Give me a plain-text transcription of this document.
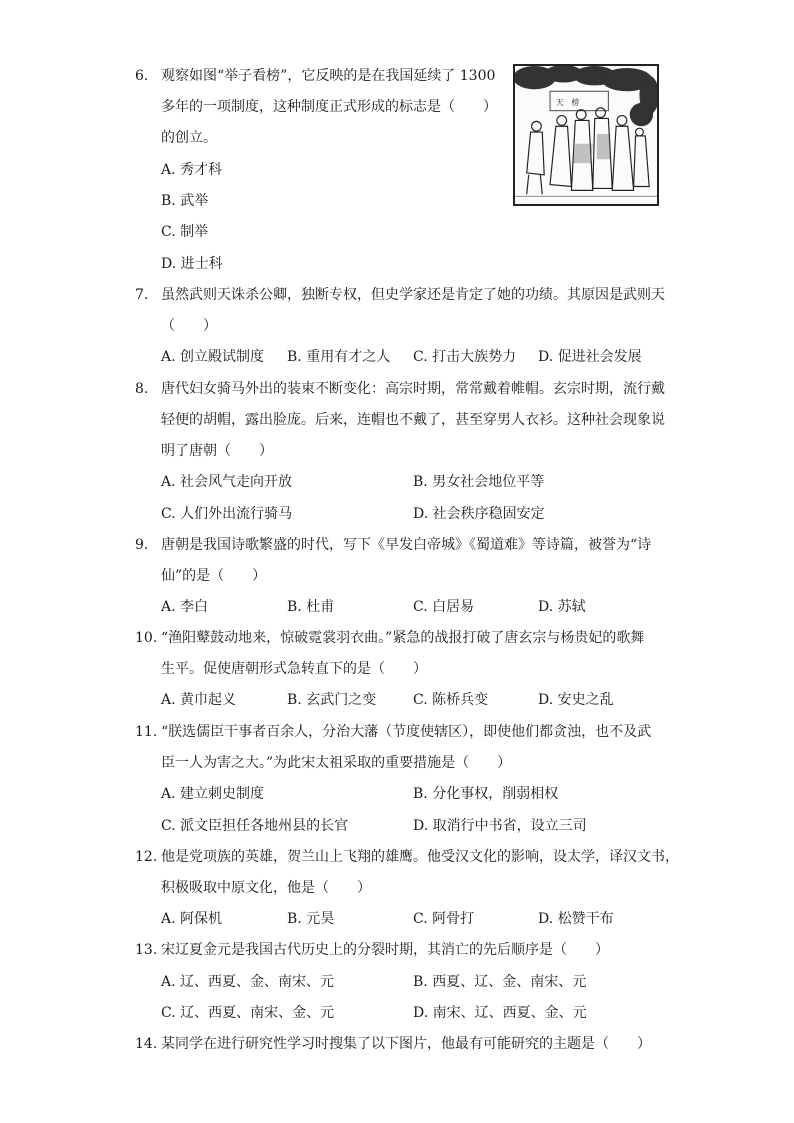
6. 观察如图“举子看榜”，它反映的是在我国延续了 1300
多年的一项制度，这种制度正式形成的标志是（　　）
的创立。
A. 秀才科
B. 武举
C. 制举
D. 进士科
天　榜
7. 虽然武则天诛杀公卿，独断专权，但史学家还是肯定了她的功绩。其原因是武则天
（　　）
A. 创立殿试制度 B. 重用有才之人 C. 打击大族势力 D. 促进社会发展
8. 唐代妇女骑马外出的装束不断变化：高宗时期，常常戴着帷帽。玄宗时期，流行戴
轻便的胡帽，露出脸庞。后来，连帽也不戴了，甚至穿男人衣衫。这种社会现象说
明了唐朝（　　）
A. 社会风气走向开放	B. 男女社会地位平等
C. 人们外出流行骑马	D. 社会秩序稳固安定
9. 唐朝是我国诗歌繁盛的时代，写下《早发白帝城》《蜀道难》等诗篇，被誉为“诗
仙”的是（　　）
A. 李白	B. 杜甫	C. 白居易	D. 苏轼
10. “渔阳鼙鼓动地来，惊破霓裳羽衣曲。”紧急的战报打破了唐玄宗与杨贵妃的歌舞
生平。促使唐朝形式急转直下的是（　　）
A. 黄巾起义	B. 玄武门之变	C. 陈桥兵变	D. 安史之乱
11. “朕选儒臣干事者百余人，分治大藩（节度使辖区），即使他们都贪浊，也不及武
臣一人为害之大。”为此宋太祖采取的重要措施是（　　）
A. 建立刺史制度	B. 分化事权，削弱相权
C. 派文臣担任各地州县的长官	D. 取消行中书省，设立三司
12. 他是党项族的英雄，贺兰山上飞翔的雄鹰。他受汉文化的影响，设太学，译汉文书，
积极吸取中原文化，他是（　　）
A. 阿保机	B. 元昊	C. 阿骨打	D. 松赞干布
13. 宋辽夏金元是我国古代历史上的分裂时期，其消亡的先后顺序是（　　）
A. 辽、西夏、金、南宋、元	B. 西夏、辽、金、南宋、元
C. 辽、西夏、南宋、金、元	D. 南宋、辽、西夏、金、元
14. 某同学在进行研究性学习时搜集了以下图片，他最有可能研究的主题是（　　）
